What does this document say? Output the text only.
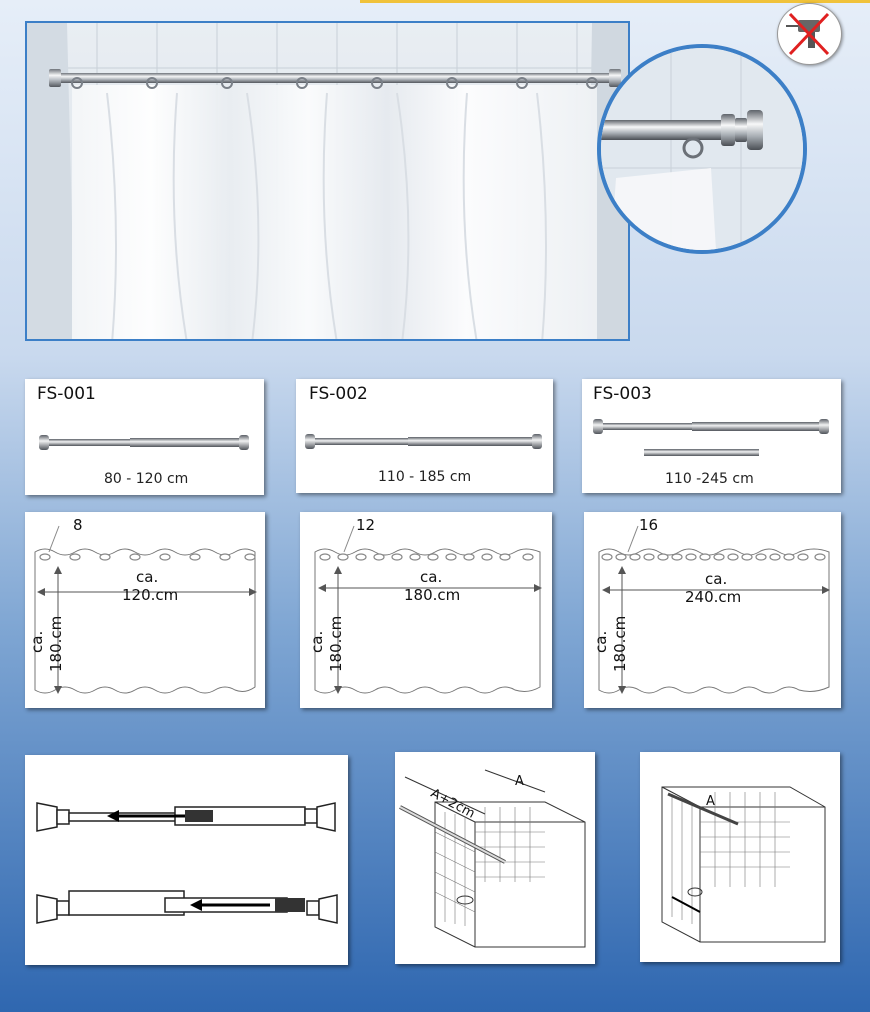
FS-001
80 - 120 cm
FS-002
110 - 185 cm
FS-003
110 -245 cm
8
ca.
120.cm
ca. 180.cm
12
ca.
180.cm
ca. 180.cm
16
ca.
240.cm
ca. 180.cm
A+2cm
A
A
